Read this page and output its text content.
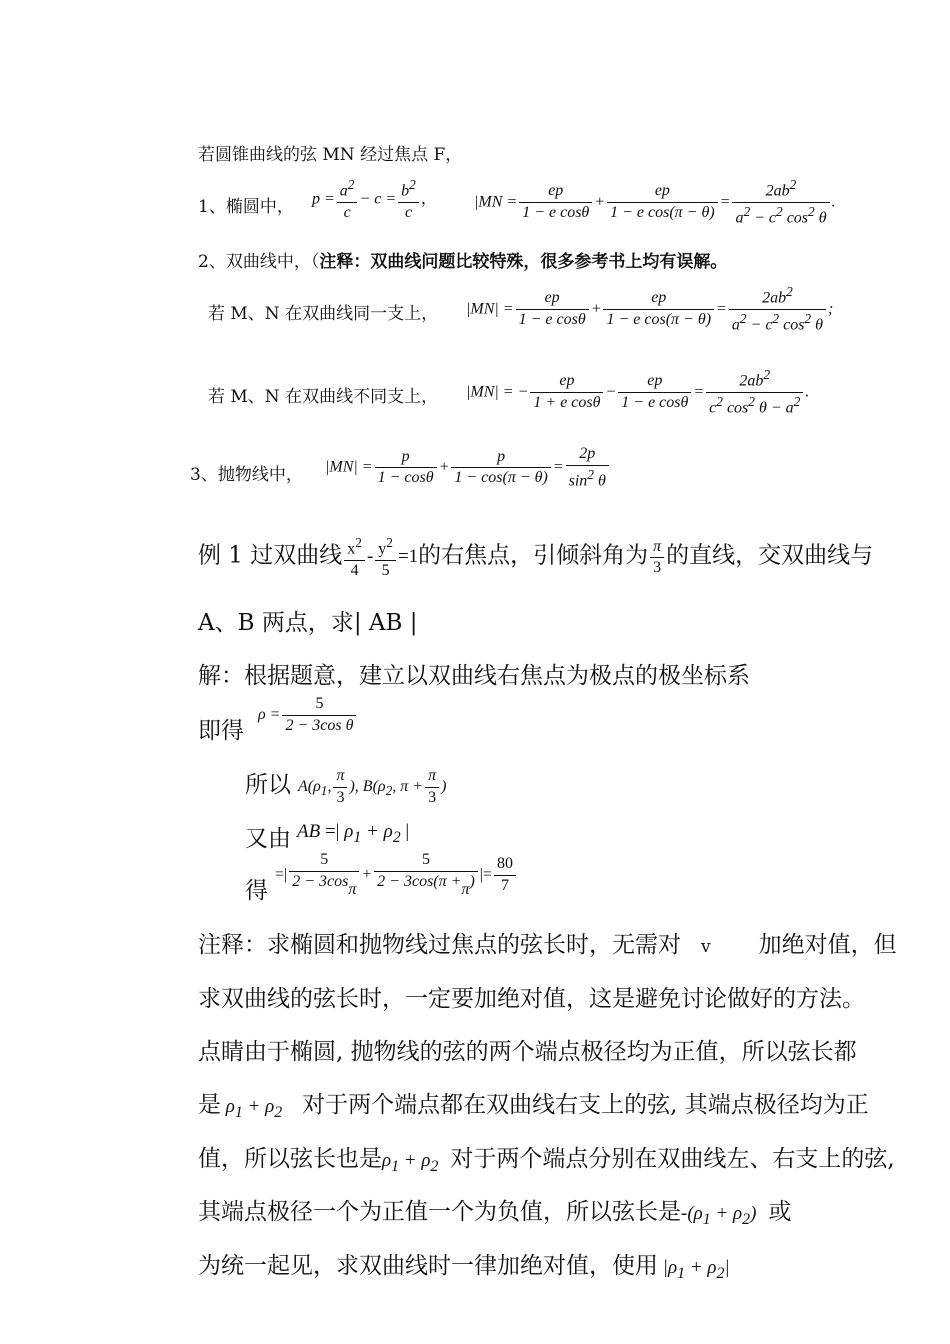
若圆锥曲线的弦 MN 经过焦点 F，
1、椭圆中， $p = \frac{a^2}{c} - c = \frac{b^2}{c}$ ， $|MN = \frac{ep}{\text{1 − e cosθ}} + \frac{ep}{\text{1 − e cos(π − θ)}} = \frac{2ab^2}{a^2 - c^2 \cos^2 \theta}$ .
2、双曲线中，（注释：双曲线问题比较特殊，很多参考书上均有误解。
若 M、N 在双曲线同一支上， $|MN| = \frac{ep}{\text{1 − e cosθ}} + \frac{ep}{\text{1 − e cos(π − θ)}} = \frac{2ab^2}{a^2 - c^2 \cos^2 \theta}$ ;
若 M、N 在双曲线不同支上， |MN| = − $\frac{ep}{\text{1 + e cosθ}} - \frac{ep}{\text{1 − e cosθ}} = \frac{2ab^2}{c^2 \cos^2 \theta - a^2}$ .
3、抛物线中， $|MN| = \frac{p}{1 - \cos\theta} + \frac{p}{1 - \cos(\pi - \theta)} = \frac{2p}{\sin^2 \theta}$
例 1 过双曲线 $\frac{x^2}{4} - \frac{y^2}{5} =1$的右焦点，引倾斜角为 $\frac{\pi}{3}$ 的直线，交双曲线与
A、B 两点，求| AB |
解：根据题意，建立以双曲线右焦点为极点的极坐标系
即得
$\rho = \frac{5}{\text{2 − 3cos θ}}$
所以 $A(\rho_1$, $\frac{\pi}{3}$ ), $B(\rho_2$, $\pi + \frac{\pi}{3}$ )
又由 AB =| $\rho_1 + \rho_2$ |
得
=| $\frac{5}{2 - 3\cos\pi} + \frac{5}{2 - 3\cos(\pi +\pi)}$ |= $\frac{80}{7}$
注释：求椭圆和抛物线过焦点的弦长时，无需对 v 加绝对值，但
求双曲线的弦长时，一定要加绝对值，这是避免讨论做好的方法。
点睛由于椭圆, 抛物线的弦的两个端点极径均为正值，所以弦长都
是 $\rho_1 + \rho_2$ 对于两个端点都在双曲线右支上的弦, 其端点极径均为正
值，所以弦长也是$\rho_1 + \rho_2$ 对于两个端点分别在双曲线左、右支上的弦,
其端点极径一个为正值一个为负值，所以弦长是$-(\rho_1 + \rho_2)$ 或
为统一起见，求双曲线时一律加绝对值，使用 $|\rho_1 + \rho_2|$
